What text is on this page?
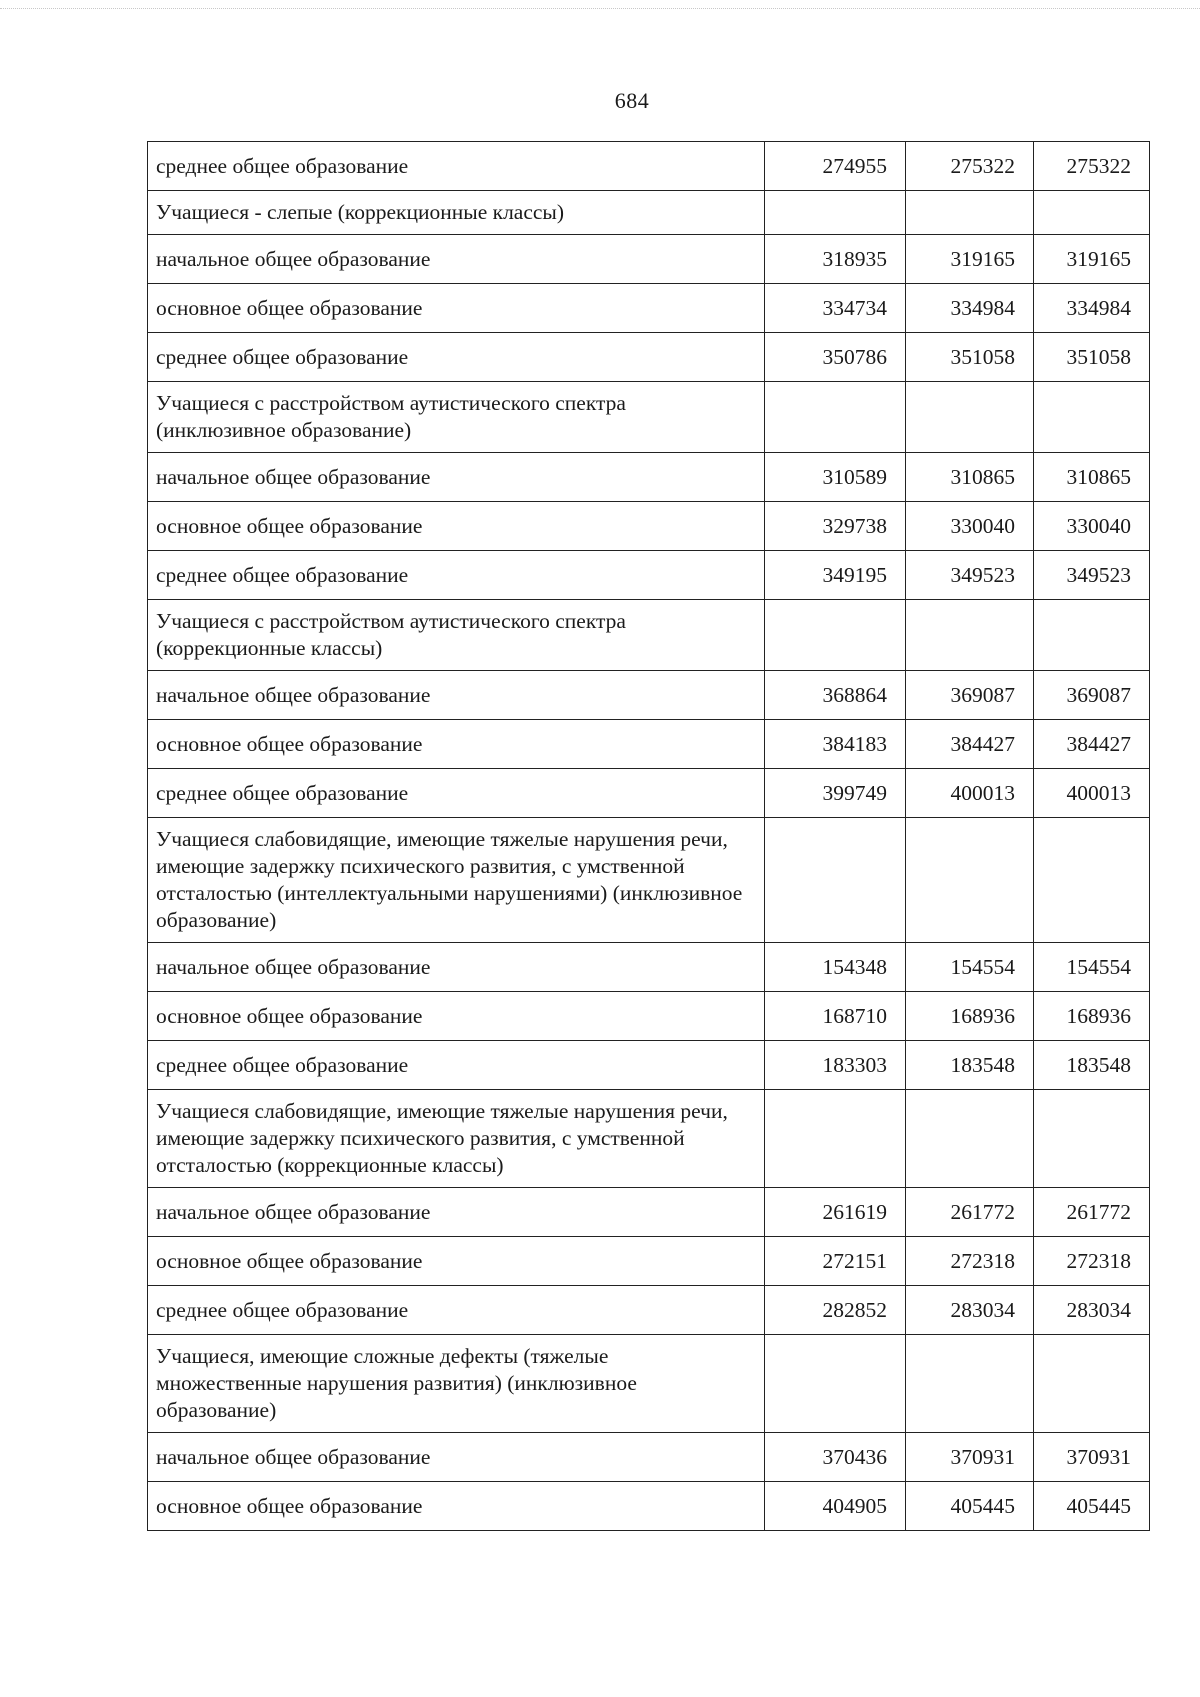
684
среднее общее образование	274955	275322	275322
Учащиеся - слепые (коррекционные классы)			
начальное общее образование	318935	319165	319165
основное общее образование	334734	334984	334984
среднее общее образование	350786	351058	351058
Учащиеся с расстройством аутистического спектра (инклюзивное образование)			
начальное общее образование	310589	310865	310865
основное общее образование	329738	330040	330040
среднее общее образование	349195	349523	349523
Учащиеся с расстройством аутистического спектра (коррекционные классы)			
начальное общее образование	368864	369087	369087
основное общее образование	384183	384427	384427
среднее общее образование	399749	400013	400013
Учащиеся слабовидящие, имеющие тяжелые нарушения речи, имеющие задержку психического развития, с умственной отсталостью (интеллектуальными нарушениями) (инклюзивное образование)			
начальное общее образование	154348	154554	154554
основное общее образование	168710	168936	168936
среднее общее образование	183303	183548	183548
Учащиеся слабовидящие, имеющие тяжелые нарушения речи, имеющие задержку психического развития, с умственной отсталостью (коррекционные классы)			
начальное общее образование	261619	261772	261772
основное общее образование	272151	272318	272318
среднее общее образование	282852	283034	283034
Учащиеся, имеющие сложные дефекты (тяжелые множественные нарушения развития) (инклюзивное образование)			
начальное общее образование	370436	370931	370931
основное общее образование	404905	405445	405445
